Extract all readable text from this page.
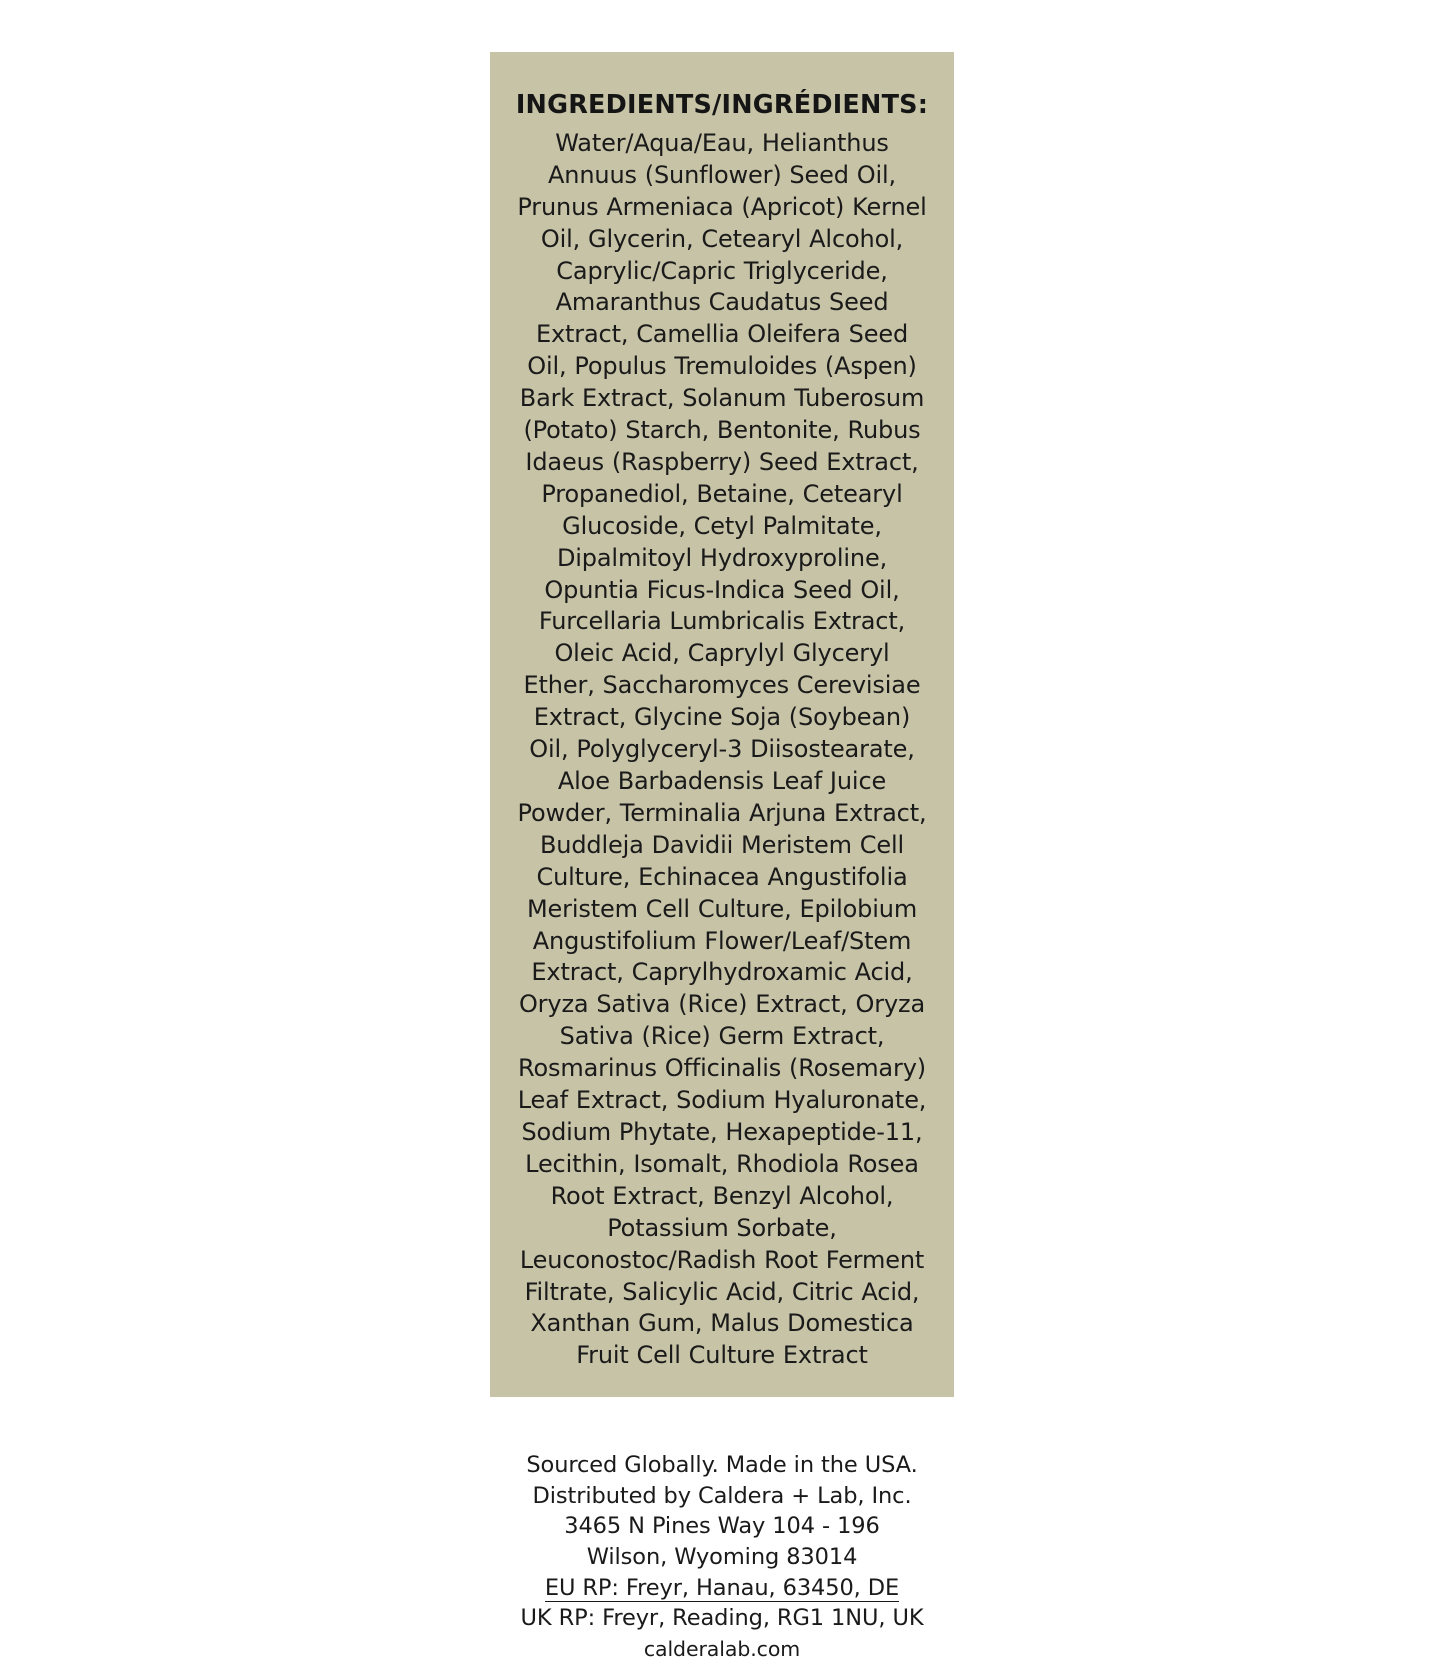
INGREDIENTS/INGRÉDIENTS:
Water/Aqua/Eau, Helianthus Annuus (Sunflower) Seed Oil, Prunus Armeniaca (Apricot) Kernel Oil, Glycerin, Cetearyl Alcohol, Caprylic/Capric Triglyceride, Amaranthus Caudatus Seed Extract, Camellia Oleifera Seed Oil, Populus Tremuloides (Aspen) Bark Extract, Solanum Tuberosum (Potato) Starch, Bentonite, Rubus Idaeus (Raspberry) Seed Extract, Propanediol, Betaine, Cetearyl Glucoside, Cetyl Palmitate, Dipalmitoyl Hydroxyproline, Opuntia Ficus-Indica Seed Oil, Furcellaria Lumbricalis Extract, Oleic Acid, Caprylyl Glyceryl Ether, Saccharomyces Cerevisiae Extract, Glycine Soja (Soybean) Oil, Polyglyceryl-3 Diisostearate, Aloe Barbadensis Leaf Juice Powder, Terminalia Arjuna Extract, Buddleja Davidii Meristem Cell Culture, Echinacea Angustifolia Meristem Cell Culture, Epilobium Angustifolium Flower/Leaf/Stem Extract, Caprylhydroxamic Acid, Oryza Sativa (Rice) Extract, Oryza Sativa (Rice) Germ Extract, Rosmarinus Officinalis (Rosemary) Leaf Extract, Sodium Hyaluronate, Sodium Phytate, Hexapeptide-11, Lecithin, Isomalt, Rhodiola Rosea Root Extract, Benzyl Alcohol, Potassium Sorbate, Leuconostoc/Radish Root Ferment Filtrate, Salicylic Acid, Citric Acid, Xanthan Gum, Malus Domestica Fruit Cell Culture Extract
Sourced Globally. Made in the USA.
Distributed by Caldera + Lab, Inc.
3465 N Pines Way 104 - 196
Wilson, Wyoming 83014
EU RP: Freyr, Hanau, 63450, DE
UK RP: Freyr, Reading, RG1 1NU, UK
calderalab.com
